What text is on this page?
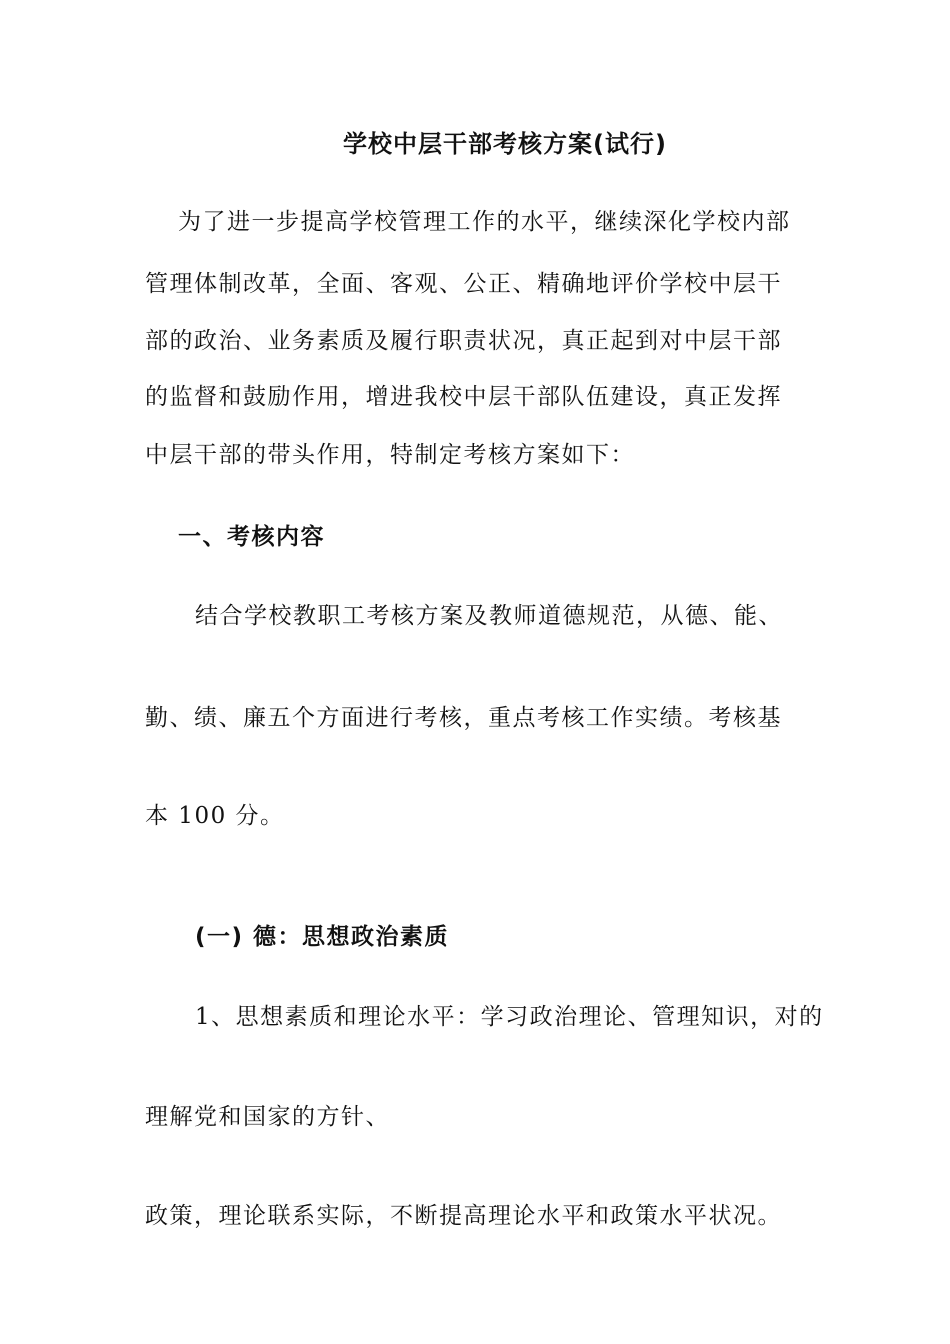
学校中层干部考核方案(试行)
为了进一步提高学校管理工作的水平，继续深化学校内部
管理体制改革，全面、客观、公正、精确地评价学校中层干
部的政治、业务素质及履行职责状况，真正起到对中层干部
的监督和鼓励作用，增进我校中层干部队伍建设，真正发挥
中层干部的带头作用，特制定考核方案如下：
一、考核内容
结合学校教职工考核方案及教师道德规范，从德、能、
勤、绩、廉五个方面进行考核，重点考核工作实绩。考核基
本 100 分。
(一) 德：思想政治素质
1、思想素质和理论水平：学习政治理论、管理知识，对的
理解党和国家的方针、
政策，理论联系实际，不断提高理论水平和政策水平状况。
